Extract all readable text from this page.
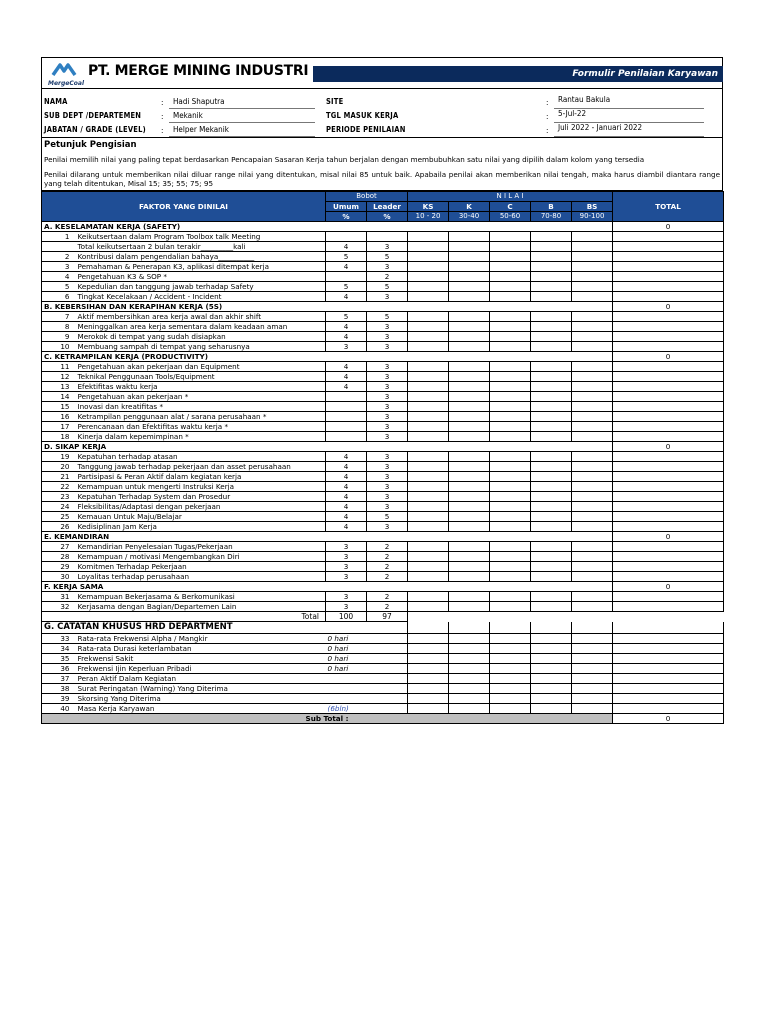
MergeCoal
PT. MERGE MINING INDUSTRI	Formulir Penilaian Karyawan
NAMA	: Hadi Shaputra
SUB DEPT /DEPARTEMEN : Mekanik
JABATAN / GRADE (LEVEL) : Helper Mekanik
SITE	: Rantau Bakula
TGL MASUK KERJA	: 5-Jul-22
PERIODE PENILAIAN	: Juli 2022 - Januari 2022
Petunjuk Pengisian
Penilai memilih nilai yang paling tepat berdasarkan Pencapaian Sasaran Kerja tahun berjalan dengan membubuhkan satu nilai yang dipilih dalam kolom yang tersedia
Penilai dilarang untuk memberikan nilai diluar range nilai yang ditentukan, misal nilai 85 untuk baik. Apabaila penilai akan memberikan nilai tengah, maka harus diambil diantara range yang telah ditentukan, Misal 15; 35; 55; 75; 95
FAKTOR YANG DINILAI		Bobot		N I L A I					TOTAL
		Umum	Leader	KS	K	C	B	BS	
		%	%	10 - 20	30-40	50-60	70-80	90-100	
A. KESELAMATAN KERJA (SAFETY)									0
1	Keikutsertaan dalam Program Toolbox talk Meeting								
	Total keikutsertaan 2 bulan terakir_________kali	4	3						
2	Kontribusi dalam pengendalian bahaya__________	5	5						
3	Pemahaman & Penerapan K3, aplikasi ditempat kerja	4	3						
4	Pengetahuan K3 & SOP *		2						
5	Kepedulian dan tanggung jawab terhadap Safety	5	5						
6	Tingkat Kecelakaan / Accident - Incident	4	3						
B. KEBERSIHAN DAN KERAPIHAN KERJA (5S)									0
7	Aktif membersihkan area kerja awal dan akhir shift	5	5						
8	Meninggalkan area kerja sementara dalam keadaan aman	4	3						
9	Merokok di tempat yang sudah disiapkan	4	3						
10	Membuang sampah di tempat yang seharusnya	3	3						
C. KETRAMPILAN KERJA (PRODUCTIVITY)									0
11	Pengetahuan akan pekerjaan dan Equipment	4	3						
12	Teknikal Penggunaan Tools/Equipment	4	3						
13	Efektifitas waktu kerja	4	3						
14	Pengetahuan akan pekerjaan *		3						
15	Inovasi dan kreatifitas *		3						
16	Ketrampilan penggunaan alat / sarana perusahaan *		3						
17	Perencanaan dan Efektifitas waktu kerja *		3						
18	Kinerja dalam kepemimpinan *		3						
D. SIKAP KERJA									0
19	Kepatuhan terhadap atasan	4	3						
20	Tanggung jawab terhadap pekerjaan dan asset perusahaan	4	3						
21	Partisipasi & Peran Aktif dalam kegiatan kerja	4	3						
22	Kemampuan untuk mengerti Instruksi Kerja	4	3						
23	Kepatuhan Terhadap System dan Prosedur	4	3						
24	Fleksibilitas/Adaptasi dengan pekerjaan	4	3						
25	Kemauan Untuk Maju/Belajar	4	5						
26	Kedisiplinan Jam Kerja	4	3						
E. KEMANDIRAN									0
27	Kemandirian Penyelesaian Tugas/Pekerjaan	3	2						
28	Kemampuan / motivasi Mengembangkan Diri	3	2						
29	Komitmen Terhadap Pekerjaan	3	2						
30	Loyalitas terhadap perusahaan	3	2						
F. KERJA SAMA									0
31	Kemampuan Bekerjasama & Berkomunikasi	3	2						
32	Kerjasama dengan Bagian/Departemen Lain	3	2						
Total		100	97						
G. CATATAN KHUSUS HRD DEPARTMENT									
33	Rata-rata Frekwensi Alpha / Mangkir	0 hari							
34	Rata-rata Durasi keterlambatan	0 hari							
35	Frekwensi Sakit	0 hari							
36	Frekwensi Ijin Keperluan Pribadi	0 hari							
37	Peran Aktif Dalam Kegiatan								
38	Surat Peringatan (Warning) Yang Diterima								
39	Skorsing Yang Diterima								
40	Masa Kerja Karyawan	(6bln)							
Sub Total :									0
